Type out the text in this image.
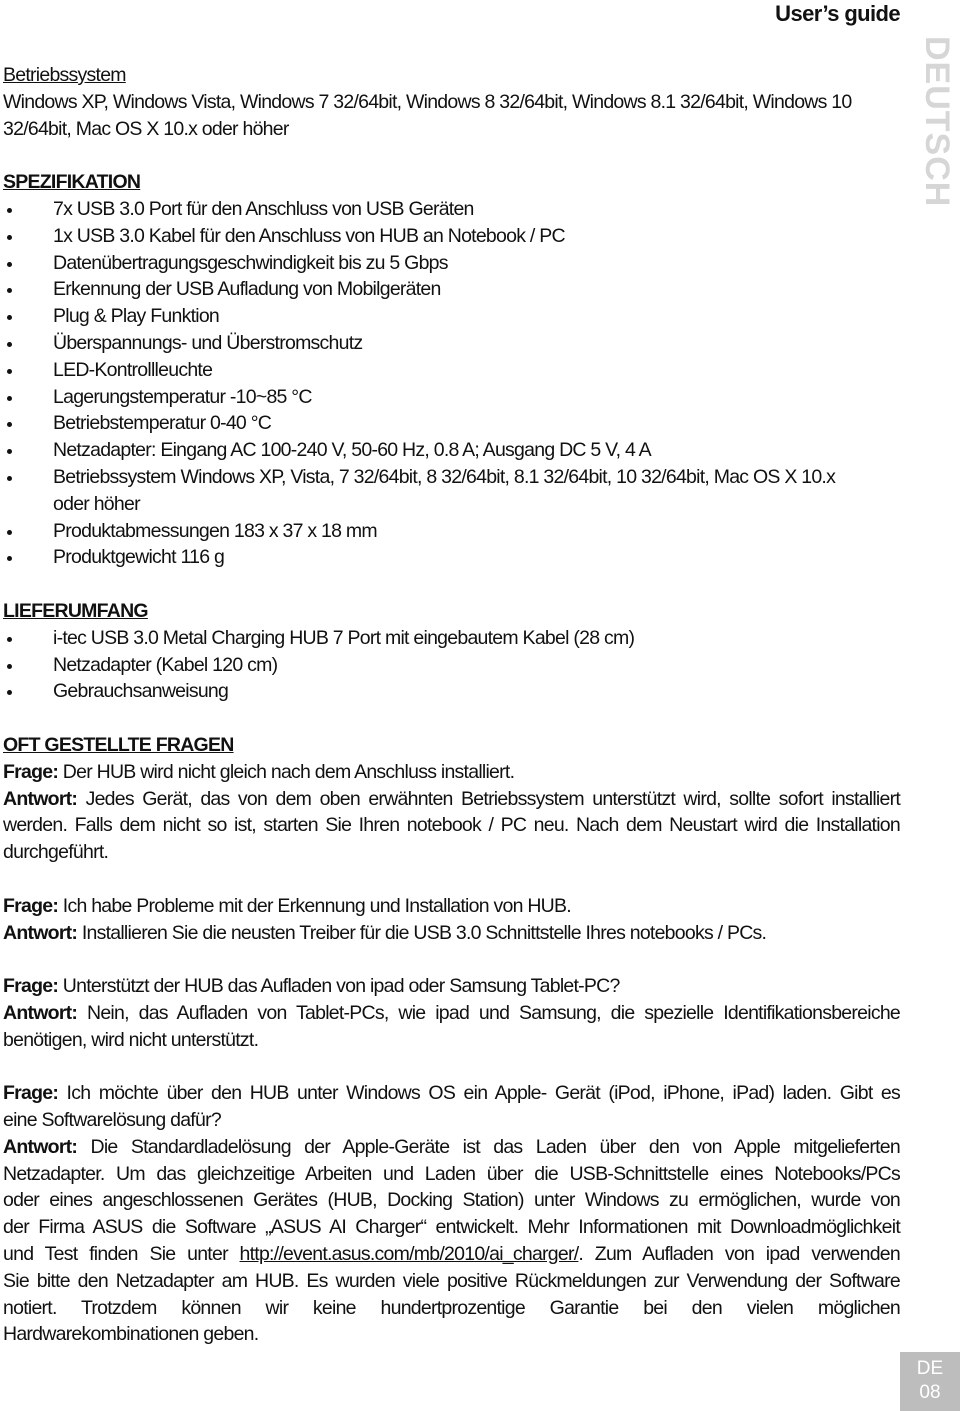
User’s guide
DEUTSCH
DE
08
Betriebssystem
Windows XP, Windows Vista, Windows 7 32/64bit, Windows 8 32/64bit, Windows 8.1 32/64bit, Windows 10
32/64bit, Mac OS X 10.x oder höher
SPEZIFIKATION
7x USB 3.0 Port für den Anschluss von USB Geräten
1x USB 3.0 Kabel für den Anschluss von HUB an Notebook / PC
Datenübertragungsgeschwindigkeit bis zu 5 Gbps
Erkennung der USB Aufladung von Mobilgeräten
Plug & Play Funktion
Überspannungs- und Überstromschutz
LED-Kontrollleuchte
Lagerungstemperatur -10~85 °C
Betriebstemperatur 0-40 °C
Netzadapter: Eingang AC 100-240 V, 50-60 Hz, 0.8 A; Ausgang DC 5 V, 4 A
Betriebssystem Windows XP, Vista, 7 32/64bit, 8 32/64bit, 8.1 32/64bit, 10 32/64bit, Mac OS X 10.x
oder höher
Produktabmessungen 183 x 37 x 18 mm
Produktgewicht 116 g
LIEFERUMFANG
i-tec USB 3.0 Metal Charging HUB 7 Port mit eingebautem Kabel (28 cm)
Netzadapter (Kabel 120 cm)
Gebrauchsanweisung
OFT GESTELLTE FRAGEN
Frage: Der HUB wird nicht gleich nach dem Anschluss installiert.
Antwort: Jedes Gerät, das von dem oben erwähnten Betriebssystem unterstützt wird, sollte sofort installiert
werden. Falls dem nicht so ist, starten Sie Ihren notebook / PC neu. Nach dem Neustart wird die Installation
durchgeführt.
Frage: Ich habe Probleme mit der Erkennung und Installation von HUB.
Antwort: Installieren Sie die neusten Treiber für die USB 3.0 Schnittstelle Ihres notebooks / PCs.
Frage: Unterstützt der HUB das Aufladen von ipad oder Samsung Tablet-PC?
Antwort: Nein, das Aufladen von Tablet-PCs, wie ipad und Samsung, die spezielle Identifikationsbereiche
benötigen, wird nicht unterstützt.
Frage: Ich möchte über den HUB unter Windows OS ein Apple- Gerät (iPod, iPhone, iPad) laden. Gibt es
eine Softwarelösung dafür?
Antwort: Die Standardladelösung der Apple-Geräte ist das Laden über den von Apple mitgelieferten
Netzadapter. Um das gleichzeitige Arbeiten und Laden über die USB-Schnittstelle eines Notebooks/PCs
oder eines angeschlossenen Gerätes (HUB, Docking Station) unter Windows zu ermöglichen, wurde von
der Firma ASUS die Software „ASUS AI Charger“ entwickelt. Mehr Informationen mit Downloadmöglichkeit
und Test finden Sie unter http://event.asus.com/mb/2010/ai_charger/. Zum Aufladen von ipad verwenden
Sie bitte den Netzadapter am HUB. Es wurden viele positive Rückmeldungen zur Verwendung der Software
notiert. Trotzdem können wir keine hundertprozentige Garantie bei den vielen möglichen
Hardwarekombinationen geben.
